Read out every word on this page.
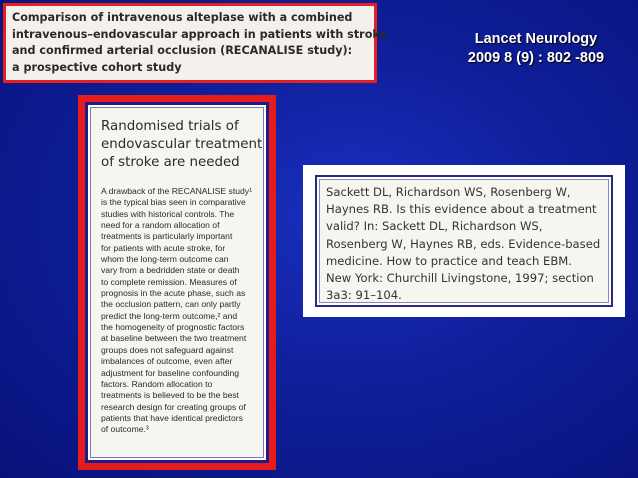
Comparison of intravenous alteplase with a combined
intravenous–endovascular approach in patients with stroke
and confirmed arterial occlusion (RECANALISE study):
a prospective cohort study
Lancet Neurology
2009 8 (9) : 802 -809
Randomised trials of
endovascular treatment
of stroke are needed
A drawback of the RECANALISE study¹
is the typical bias seen in comparative
studies with historical controls. The
need for a random allocation of
treatments is particularly important
for patients with acute stroke, for
whom the long-term outcome can
vary from a bedridden state or death
to complete remission. Measures of
prognosis in the acute phase, such as
the occlusion pattern, can only partly
predict the long-term outcome,² and
the homogeneity of prognostic factors
at baseline between the two treatment
groups does not safeguard against
imbalances of outcome, even after
adjustment for baseline confounding
factors. Random allocation to
treatments is believed to be the best
research design for creating groups of
patients that have identical predictors
of outcome.³
Sackett DL, Richardson WS, Rosenberg W,
Haynes RB. Is this evidence about a treatment
valid? In: Sackett DL, Richardson WS,
Rosenberg W, Haynes RB, eds. Evidence-based
medicine. How to practice and teach EBM.
New York: Churchill Livingstone, 1997; section
3a3: 91–104.
